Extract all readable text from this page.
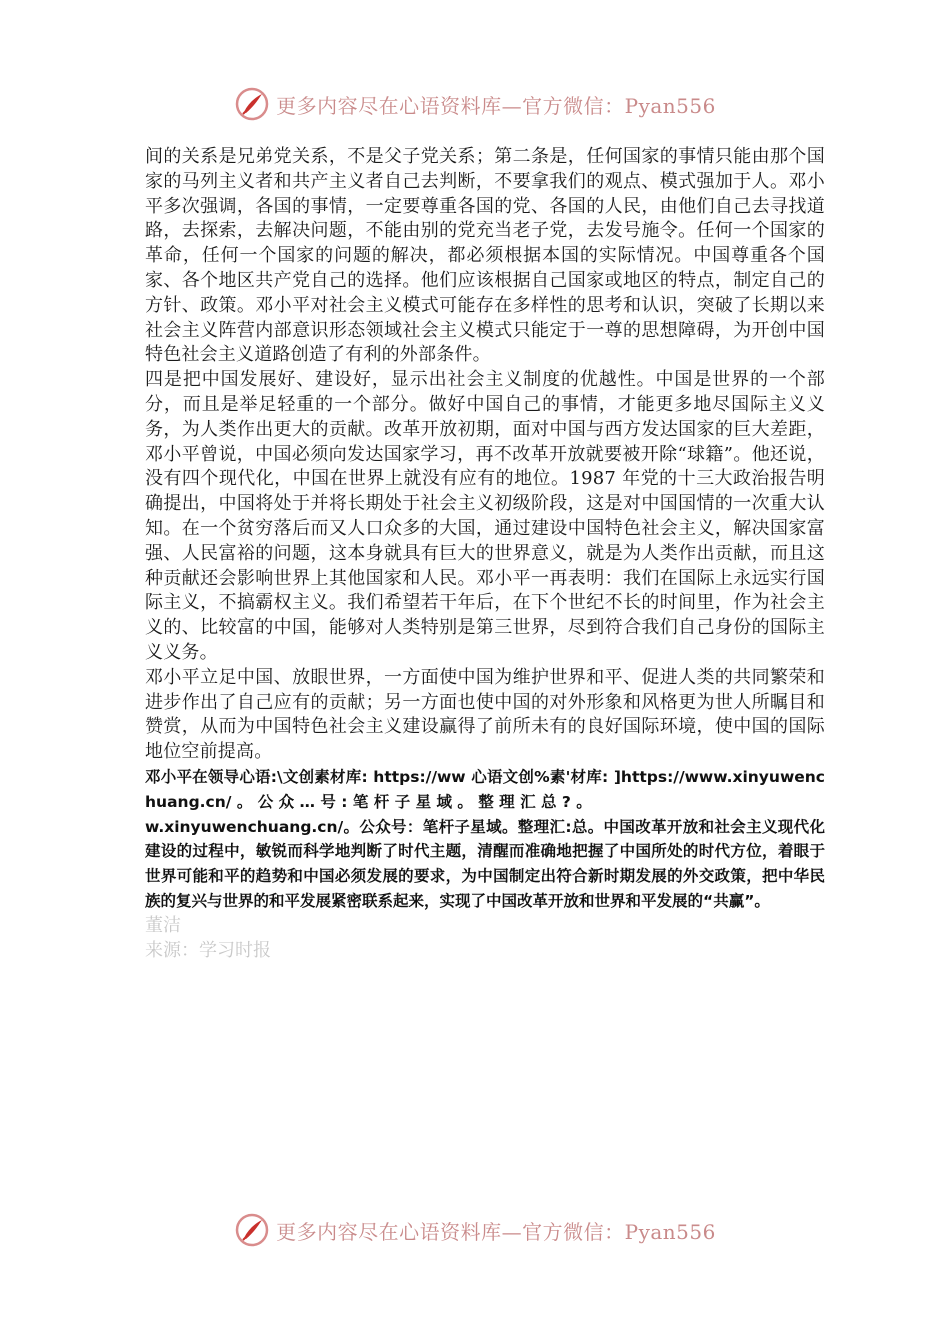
更多内容尽在心语资料库—官方微信：Pyan556

间的关系是兄弟党关系，不是父子党关系；第二条是，任何国家的事情只能由那个国家的马列主义者和共产主义者自己去判断，不要拿我们的观点、模式强加于人。邓小平多次强调，各国的事情，一定要尊重各国的党、各国的人民，由他们自己去寻找道路，去探索，去解决问题，不能由别的党充当老子党，去发号施令。任何一个国家的革命，任何一个国家的问题的解决，都必须根据本国的实际情况。中国尊重各个国家、各个地区共产党自己的选择。他们应该根据自己国家或地区的特点，制定自己的方针、政策。邓小平对社会主义模式可能存在多样性的思考和认识，突破了长期以来社会主义阵营内部意识形态领域社会主义模式只能定于一尊的思想障碍，为开创中国特色社会主义道路创造了有利的外部条件。

四是把中国发展好、建设好，显示出社会主义制度的优越性。中国是世界的一个部分，而且是举足轻重的一个部分。做好中国自己的事情，才能更多地尽国际主义义务，为人类作出更大的贡献。改革开放初期，面对中国与西方发达国家的巨大差距，邓小平曾说，中国必须向发达国家学习，再不改革开放就要被开除“球籍”。他还说，没有四个现代化，中国在世界上就没有应有的地位。1987 年党的十三大政治报告明确提出，中国将处于并将长期处于社会主义初级阶段，这是对中国国情的一次重大认知。在一个贫穷落后而又人口众多的大国，通过建设中国特色社会主义，解决国家富强、人民富裕的问题，这本身就具有巨大的世界意义，就是为人类作出贡献，而且这种贡献还会影响世界上其他国家和人民。邓小平一再表明：我们在国际上永远实行国际主义，不搞霸权主义。我们希望若干年后，在下个世纪不长的时间里，作为社会主义的、比较富的中国，能够对人类特别是第三世界，尽到符合我们自己身份的国际主义义务。

邓小平立足中国、放眼世界，一方面使中国为维护世界和平、促进人类的共同繁荣和进步作出了自己应有的贡献；另一方面也使中国的对外形象和风格更为世人所瞩目和赞赏，从而为中国特色社会主义建设赢得了前所未有的良好国际环境，使中国的国际地位空前提高。

邓小平在领导心语:\文创素材库: https://ww 心语文创%素'材库: ]https://www.xinyuwenchuang.cn/ 。 公 众 … 号 : 笔 杆 子 星 域 。 整 理 汇 总 ? 。

w.xinyuwenchuang.cn/。公众号：笔杆子星域。整理汇:总。中国改革开放和社会主义现代化建设的过程中，敏锐而科学地判断了时代主题，清醒而准确地把握了中国所处的时代方位，着眼于世界可能和平的趋势和中国必须发展的要求，为中国制定出符合新时期发展的外交政策，把中华民族的复兴与世界的和平发展紧密联系起来，实现了中国改革开放和世界和平发展的“共赢”。

董洁

来源：学习时报

更多内容尽在心语资料库—官方微信：Pyan556
